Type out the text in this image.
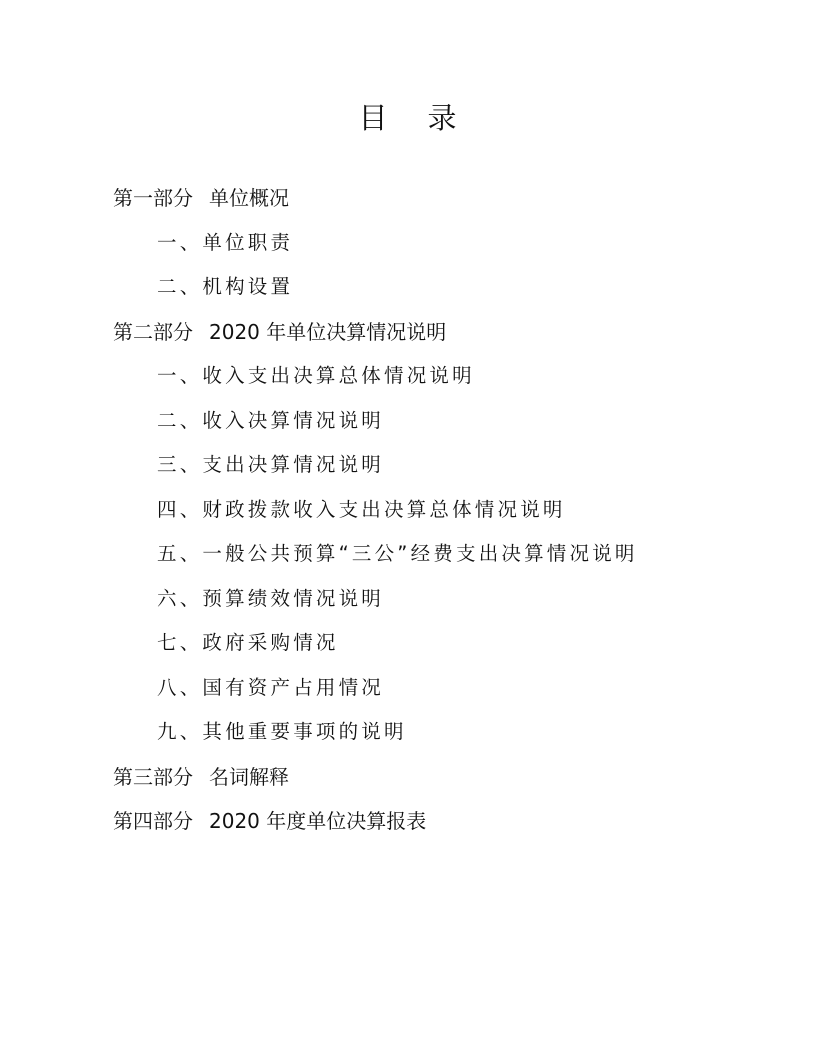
目 录
第一部分 单位概况
一、单位职责
二、机构设置
第二部分 2020 年单位决算情况说明
一、收入支出决算总体情况说明
二、收入决算情况说明
三、支出决算情况说明
四、财政拨款收入支出决算总体情况说明
五、一般公共预算“三公”经费支出决算情况说明
六、预算绩效情况说明
七、政府采购情况
八、国有资产占用情况
九、其他重要事项的说明
第三部分 名词解释
第四部分 2020 年度单位决算报表
